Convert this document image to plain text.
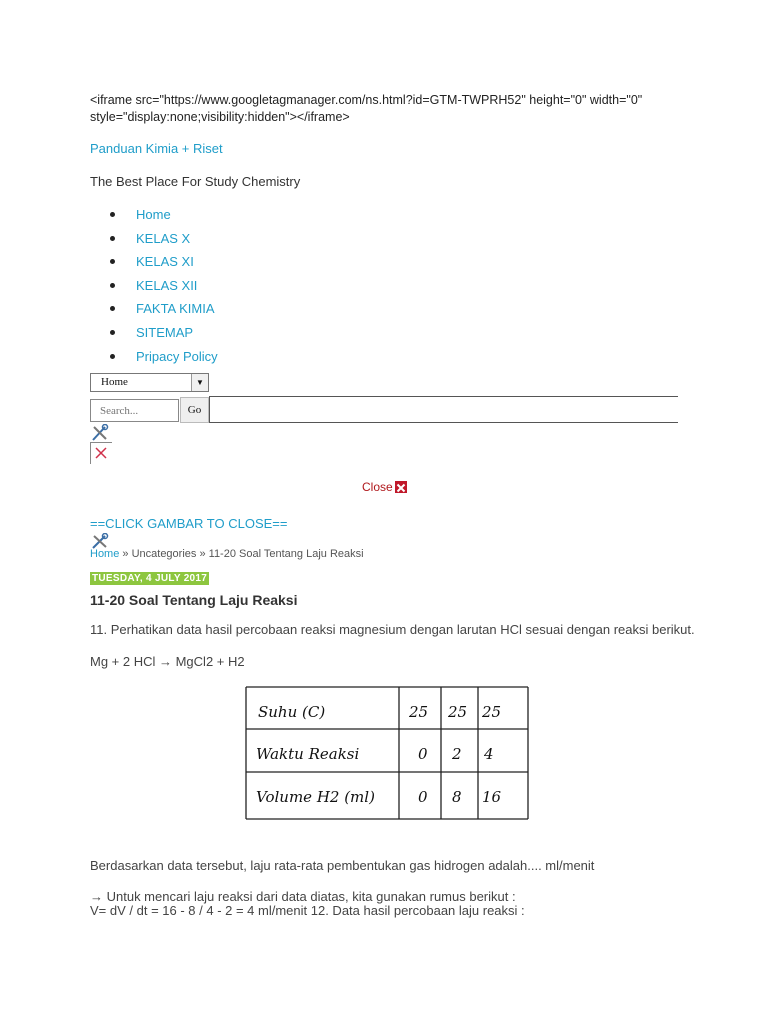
<iframe src="https://www.googletagmanager.com/ns.html?id=GTM-TWPRH52" height="0" width="0" style="display:none;visibility:hidden"></iframe>
Panduan Kimia + Riset
The Best Place For Study Chemistry
Home
KELAS X
KELAS XI
KELAS XII
FAKTA KIMIA
SITEMAP
Pripacy Policy
Home	▼
Search...
Go
Close
==CLICK GAMBAR TO CLOSE==
Home » Uncategories » 11-20 Soal Tentang Laju Reaksi
TUESDAY, 4 JULY 2017
11-20 Soal Tentang Laju Reaksi
11. Perhatikan data hasil percobaan reaksi magnesium dengan larutan HCl sesuai dengan reaksi berikut.
Mg + 2 HCl → MgCl2 + H2
Suhu (C)	25 25 25
Waktu Reaksi	0 2 4
Volume H2 (ml)	0 8 16
Berdasarkan data tersebut, laju rata-rata pembentukan gas hidrogen adalah.... ml/menit
→ Untuk mencari laju reaksi dari data diatas, kita gunakan rumus berikut :
V= dV / dt = 16 - 8 / 4 - 2 = 4 ml/menit 12. Data hasil percobaan laju reaksi :
